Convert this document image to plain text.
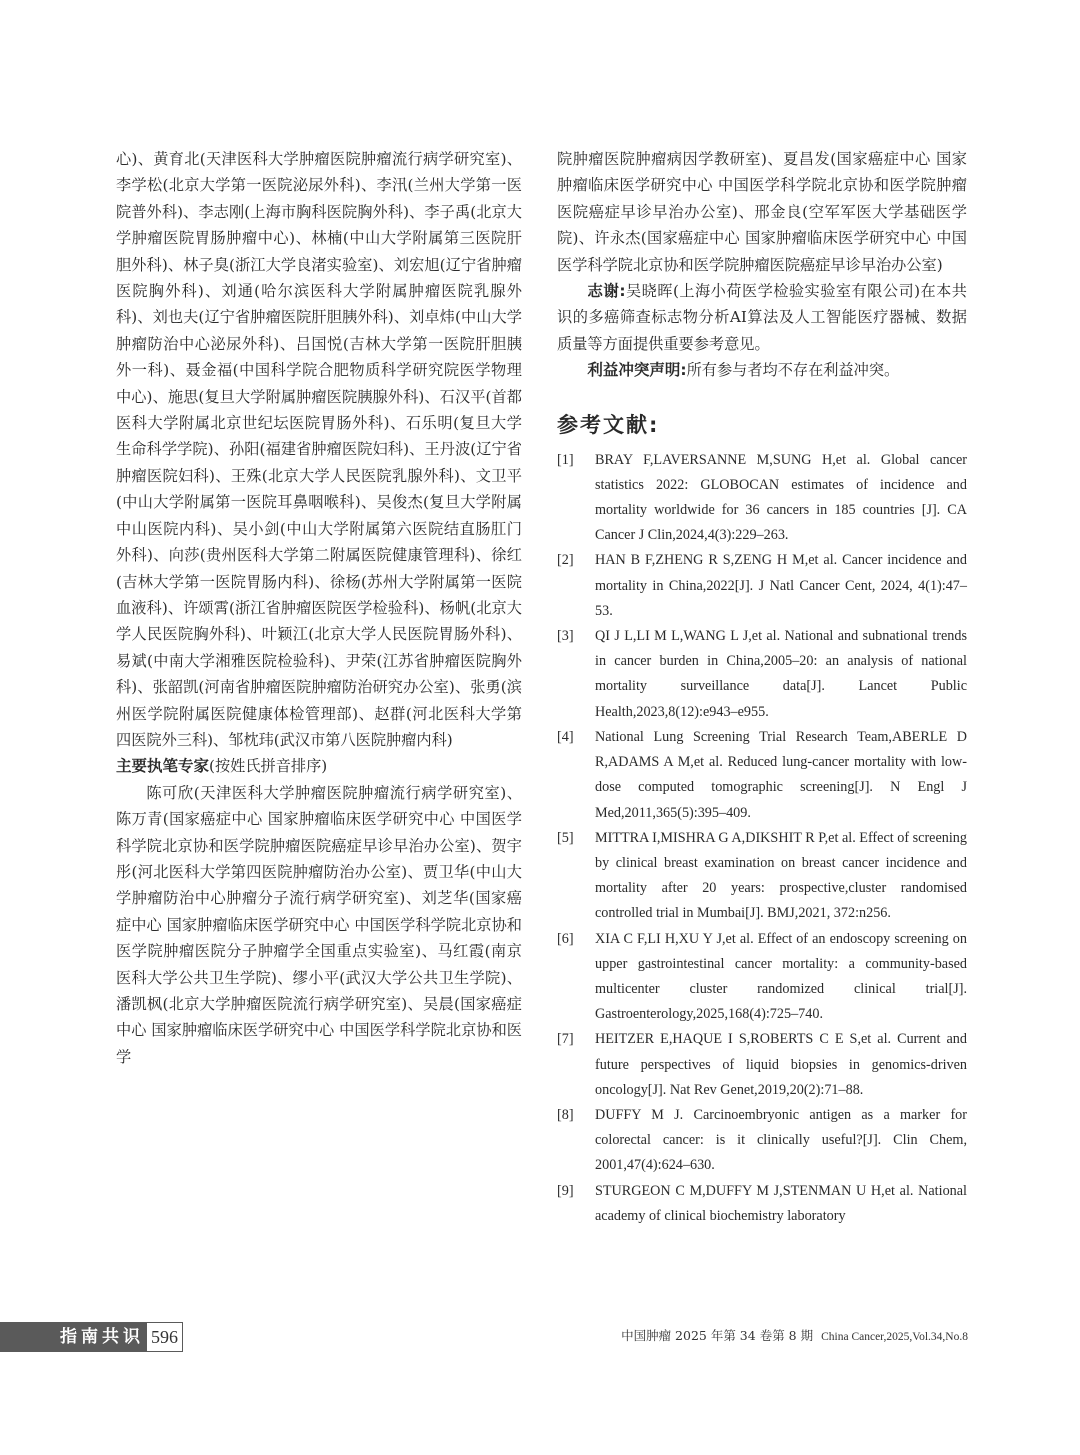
心)、黄育北(天津医科大学肿瘤医院肿瘤流行病学研究室)、李学松(北京大学第一医院泌尿外科)、李汛(兰州大学第一医院普外科)、李志刚(上海市胸科医院胸外科)、李子禹(北京大学肿瘤医院胃肠肿瘤中心)、林楠(中山大学附属第三医院肝胆外科)、林子臭(浙江大学良渚实验室)、刘宏旭(辽宁省肿瘤医院胸外科)、刘通(哈尔滨医科大学附属肿瘤医院乳腺外科)、刘也夫(辽宁省肿瘤医院肝胆胰外科)、刘卓炜(中山大学肿瘤防治中心泌尿外科)、吕国悦(吉林大学第一医院肝胆胰外一科)、聂金福(中国科学院合肥物质科学研究院医学物理中心)、施思(复旦大学附属肿瘤医院胰腺外科)、石汉平(首都医科大学附属北京世纪坛医院胃肠外科)、石乐明(复旦大学生命科学学院)、孙阳(福建省肿瘤医院妇科)、王丹波(辽宁省肿瘤医院妇科)、王殊(北京大学人民医院乳腺外科)、文卫平(中山大学附属第一医院耳鼻咽喉科)、吴俊杰(复旦大学附属中山医院内科)、吴小剑(中山大学附属第六医院结直肠肛门外科)、向莎(贵州医科大学第二附属医院健康管理科)、徐红(吉林大学第一医院胃肠内科)、徐杨(苏州大学附属第一医院血液科)、许颂霄(浙江省肿瘤医院医学检验科)、杨帆(北京大学人民医院胸外科)、叶颖江(北京大学人民医院胃肠外科)、易斌(中南大学湘雅医院检验科)、尹荣(江苏省肿瘤医院胸外科)、张韶凯(河南省肿瘤医院肿瘤防治研究办公室)、张勇(滨州医学院附属医院健康体检管理部)、赵群(河北医科大学第四医院外三科)、邹枕玮(武汉市第八医院肿瘤内科)

主要执笔专家(按姓氏拼音排序)

陈可欣(天津医科大学肿瘤医院肿瘤流行病学研究室)、陈万青(国家癌症中心 国家肿瘤临床医学研究中心 中国医学科学院北京协和医学院肿瘤医院癌症早诊早治办公室)、贺宇彤(河北医科大学第四医院肿瘤防治办公室)、贾卫华(中山大学肿瘤防治中心肿瘤分子流行病学研究室)、刘芝华(国家癌症中心 国家肿瘤临床医学研究中心 中国医学科学院北京协和医学院肿瘤医院分子肿瘤学全国重点实验室)、马红霞(南京医科大学公共卫生学院)、缪小平(武汉大学公共卫生学院)、潘凯枫(北京大学肿瘤医院流行病学研究室)、吴晨(国家癌症中心 国家肿瘤临床医学研究中心 中国医学科学院北京协和医学

院肿瘤医院肿瘤病因学教研室)、夏昌发(国家癌症中心 国家肿瘤临床医学研究中心 中国医学科学院北京协和医学院肿瘤医院癌症早诊早治办公室)、邢金良(空军军医大学基础医学院)、许永杰(国家癌症中心 国家肿瘤临床医学研究中心 中国医学科学院北京协和医学院肿瘤医院癌症早诊早治办公室)

志谢:吴晓晖(上海小荷医学检验实验室有限公司)在本共识的多癌筛查标志物分析AI算法及人工智能医疗器械、数据质量等方面提供重要参考意见。

利益冲突声明:所有参与者均不存在利益冲突。

参考文献:
[1]	BRAY F,LAVERSANNE M,SUNG H,et al. Global cancer statistics 2022: GLOBOCAN estimates of incidence and mortality worldwide for 36 cancers in 185 countries [J]. CA Cancer J Clin,2024,4(3):229–263.
[2]	HAN B F,ZHENG R S,ZENG H M,et al. Cancer incidence and mortality in China,2022[J]. J Natl Cancer Cent, 2024, 4(1):47–53.
[3]	QI J L,LI M L,WANG L J,et al. National and subnational trends in cancer burden in China,2005–20: an analysis of national mortality surveillance data[J]. Lancet Public Health,2023,8(12):e943–e955.
[4]	National Lung Screening Trial Research Team,ABERLE D R,ADAMS A M,et al. Reduced lung-cancer mortality with low-dose computed tomographic screening[J]. N Engl J Med,2011,365(5):395–409.
[5]	MITTRA I,MISHRA G A,DIKSHIT R P,et al. Effect of screening by clinical breast examination on breast cancer incidence and mortality after 20 years: prospective,cluster randomised controlled trial in Mumbai[J]. BMJ,2021, 372:n256.
[6]	XIA C F,LI H,XU Y J,et al. Effect of an endoscopy screening on upper gastrointestinal cancer mortality: a community-based multicenter cluster randomized clinical trial[J]. Gastroenterology,2025,168(4):725–740.
[7]	HEITZER E,HAQUE I S,ROBERTS C E S,et al. Current and future perspectives of liquid biopsies in genomics-driven oncology[J]. Nat Rev Genet,2019,20(2):71–88.
[8]	DUFFY M J. Carcinoembryonic antigen as a marker for colorectal cancer: is it clinically useful?[J]. Clin Chem, 2001,47(4):624–630.
[9]	STURGEON C M,DUFFY M J,STENMAN U H,et al. National academy of clinical biochemistry laboratory
指南共识 596	中国肿瘤 2025 年第 34 卷第 8 期 China Cancer,2025,Vol.34,No.8
